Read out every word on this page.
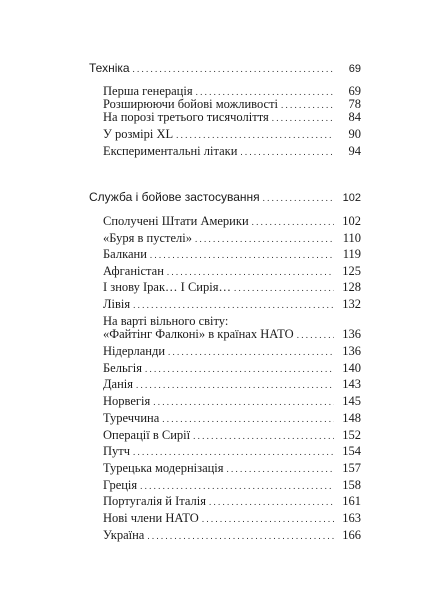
Техніка . . .	69
Перша генерація . . .	69
Розширюючи бойові можливості . . .	78
На порозі третього тисячоліття . . .	84
У розмірі XL . . .	90
Експериментальні літаки . . .	94
Служба і бойове застосування . . .	102
Сполучені Штати Америки . . .	102
«Буря в пустелі» . . .	110
Балкани . . .	119
Афганістан . . .	125
І знову Ірак… І Сирія… . . .	128
Лівія . . .	132
На варті вільного світу:
«Файтінг Фалконі» в країнах НАТО . . .	136
Нідерланди . . .	136
Бельгія . . .	140
Данія . . .	143
Норвегія . . .	145
Туреччина . . .	148
Операції в Сирії . . .	152
Путч . . .	154
Турецька модернізація . . .	157
Греція . . .	158
Португалія й Італія . . .	161
Нові члени НАТО . . .	163
Україна . . .	166
